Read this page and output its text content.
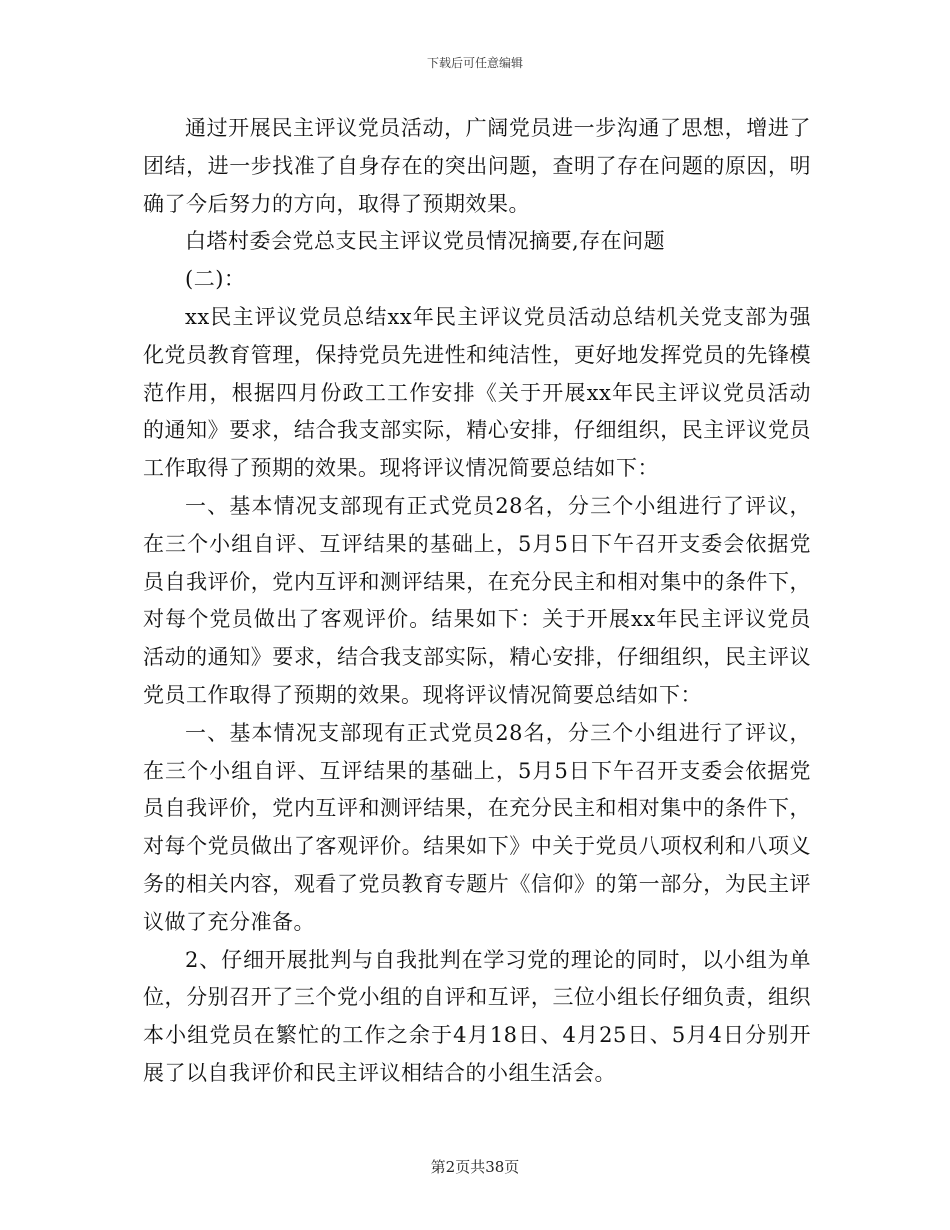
下载后可任意编辑

通过开展民主评议党员活动，广阔党员进一步沟通了思想，增进了团结，进一步找准了自身存在的突出问题，查明了存在问题的原因，明确了今后努力的方向，取得了预期效果。

白塔村委会党总支民主评议党员情况摘要,存在问题

(二)：

xx民主评议党员总结xx年民主评议党员活动总结机关党支部为强化党员教育管理，保持党员先进性和纯洁性，更好地发挥党员的先锋模范作用，根据四月份政工工作安排《关于开展xx年民主评议党员活动的通知》要求，结合我支部实际，精心安排，仔细组织，民主评议党员工作取得了预期的效果。现将评议情况简要总结如下：

一、基本情况支部现有正式党员28名，分三个小组进行了评议，在三个小组自评、互评结果的基础上，5月5日下午召开支委会依据党员自我评价，党内互评和测评结果，在充分民主和相对集中的条件下，对每个党员做出了客观评价。结果如下：关于开展xx年民主评议党员活动的通知》要求，结合我支部实际，精心安排，仔细组织，民主评议党员工作取得了预期的效果。现将评议情况简要总结如下：

一、基本情况支部现有正式党员28名，分三个小组进行了评议，在三个小组自评、互评结果的基础上，5月5日下午召开支委会依据党员自我评价，党内互评和测评结果，在充分民主和相对集中的条件下，对每个党员做出了客观评价。结果如下》中关于党员八项权利和八项义务的相关内容，观看了党员教育专题片《信仰》的第一部分，为民主评议做了充分准备。

2、仔细开展批判与自我批判在学习党的理论的同时，以小组为单位，分别召开了三个党小组的自评和互评，三位小组长仔细负责，组织本小组党员在繁忙的工作之余于4月18日、4月25日、5月4日分别开展了以自我评价和民主评议相结合的小组生活会。

第2页共38页
